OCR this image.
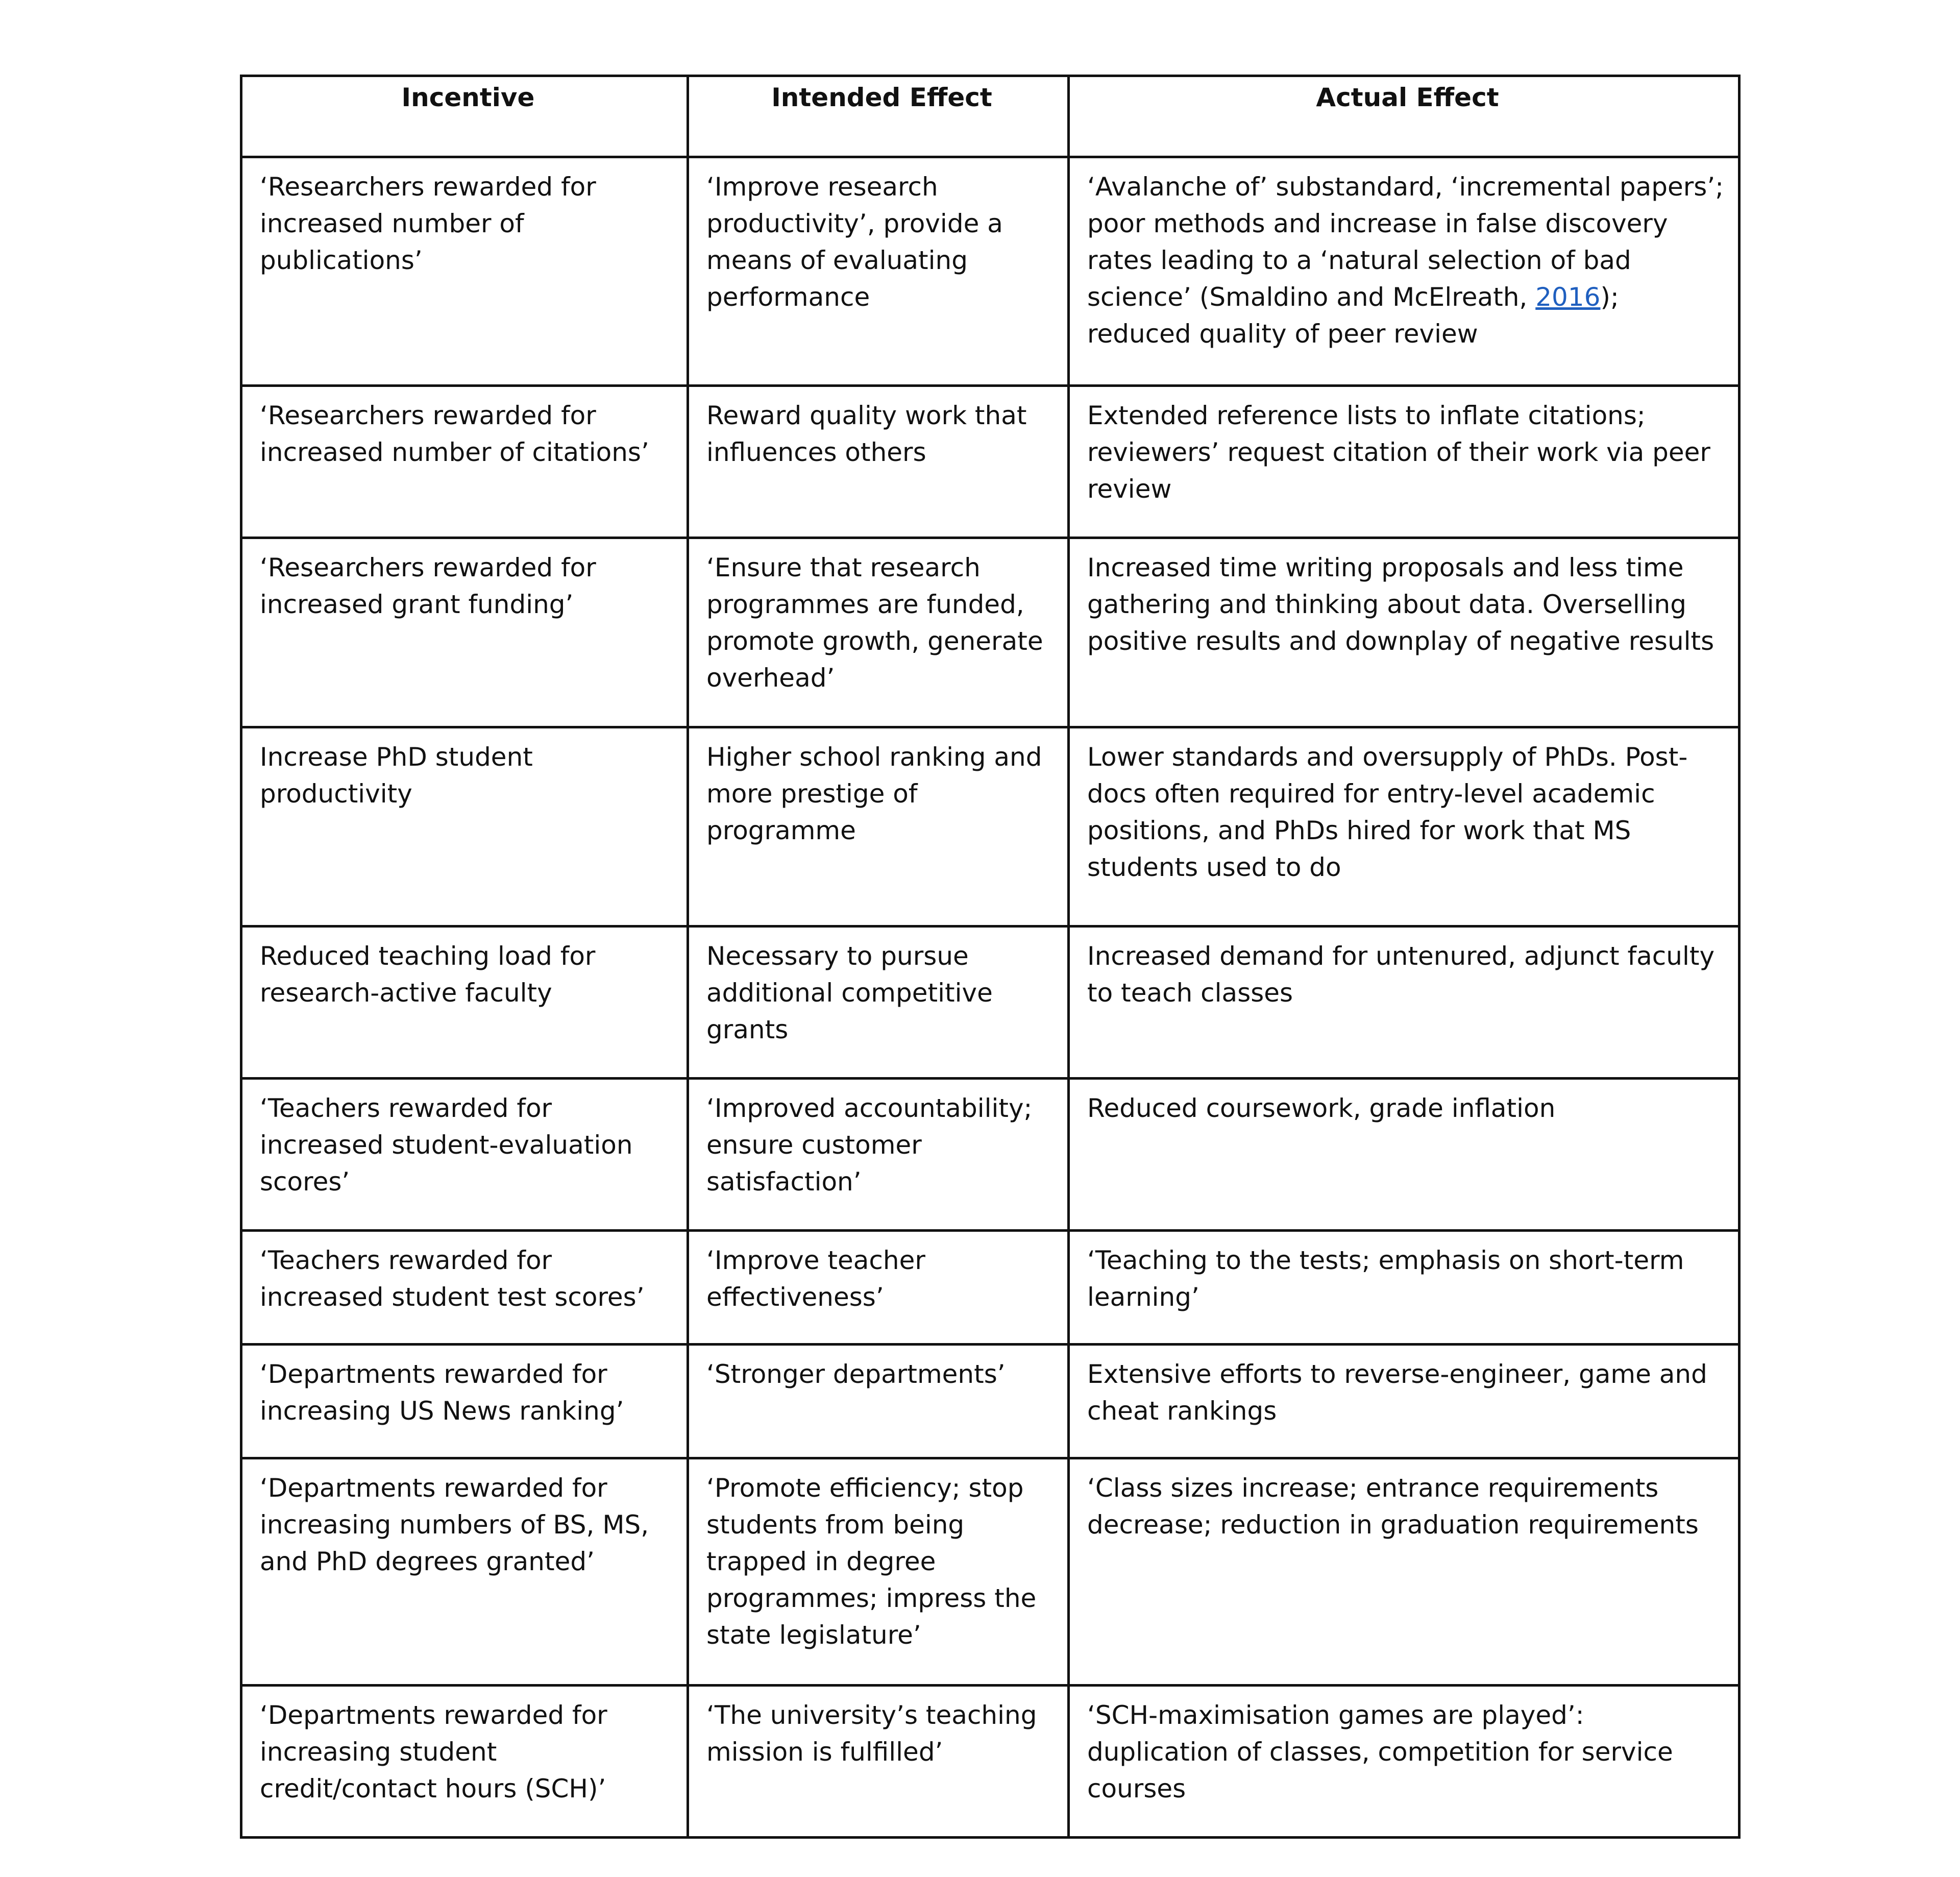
Incentive	Intended Effect	Actual Effect
‘Researchers rewarded for increased number of publications’	‘Improve research productivity’, provide a means of evaluating performance	‘Avalanche of’ substandard, ‘incremental papers’; poor methods and increase in false discovery rates leading to a ‘natural selection of bad science’ (Smaldino and McElreath, 2016); reduced quality of peer review
‘Researchers rewarded for increased number of citations’	Reward quality work that influences others	Extended reference lists to inflate citations; reviewers’ request citation of their work via peer review
‘Researchers rewarded for increased grant funding’	‘Ensure that research programmes are funded, promote growth, generate overhead’	Increased time writing proposals and less time gathering and thinking about data. Overselling positive results and downplay of negative results
Increase PhD student productivity	Higher school ranking and more prestige of programme	Lower standards and oversupply of PhDs. Post-docs often required for entry-level academic positions, and PhDs hired for work that MS students used to do
Reduced teaching load for research-active faculty	Necessary to pursue additional competitive grants	Increased demand for untenured, adjunct faculty to teach classes
‘Teachers rewarded for increased student-evaluation scores’	‘Improved accountability; ensure customer satisfaction’	Reduced coursework, grade inflation
‘Teachers rewarded for increased student test scores’	‘Improve teacher effectiveness’	‘Teaching to the tests; emphasis on short-term learning’
‘Departments rewarded for increasing US News ranking’	‘Stronger departments’	Extensive efforts to reverse-engineer, game and cheat rankings
‘Departments rewarded for increasing numbers of BS, MS, and PhD degrees granted’	‘Promote efficiency; stop students from being trapped in degree programmes; impress the state legislature’	‘Class sizes increase; entrance requirements decrease; reduction in graduation requirements
‘Departments rewarded for increasing student credit/contact hours (SCH)’	‘The university’s teaching mission is fulfilled’	‘SCH-maximisation games are played’: duplication of classes, competition for service courses
